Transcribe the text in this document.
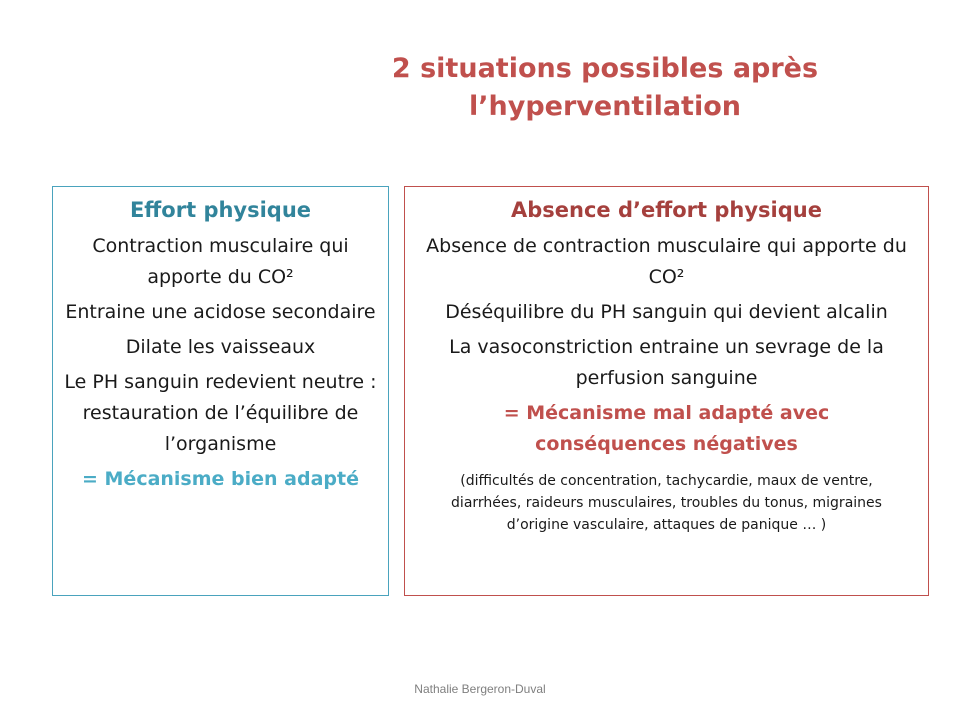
2 situations possibles après
l’hyperventilation
Effort physique
Contraction musculaire qui apporte du CO²
Entraine une acidose secondaire
Dilate les vaisseaux
Le PH sanguin redevient neutre : restauration de l’équilibre de l’organisme
= Mécanisme bien adapté
Absence d’effort physique
Absence de contraction musculaire qui apporte du CO²
Déséquilibre du PH sanguin qui devient alcalin
La vasoconstriction entraine un sevrage de la perfusion sanguine
= Mécanisme mal adapté avec conséquences négatives
(difficultés de concentration, tachycardie, maux de ventre, diarrhées, raideurs musculaires, troubles du tonus, migraines d’origine vasculaire, attaques de panique … )
Nathalie Bergeron-Duval
